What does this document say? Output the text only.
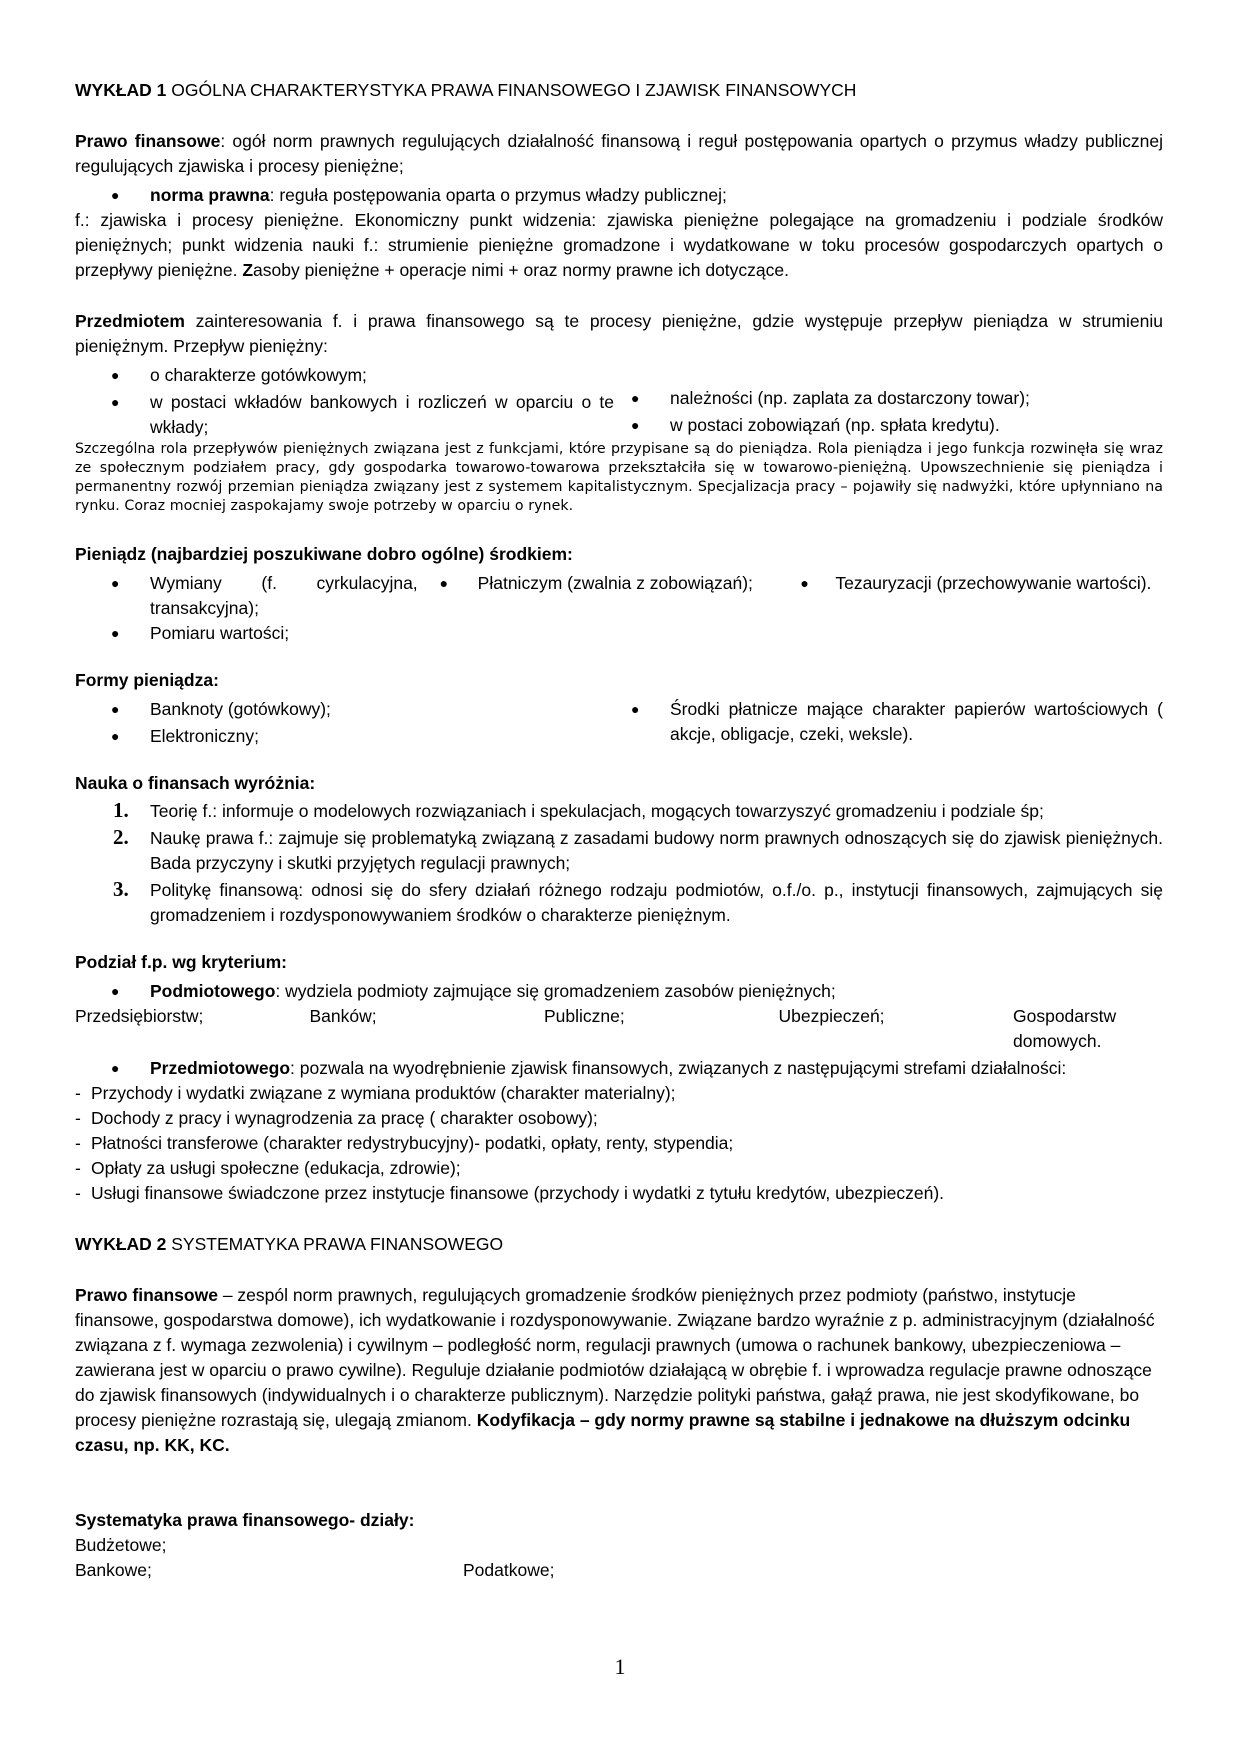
WYKŁAD 1 OGÓLNA CHARAKTERYSTYKA PRAWA FINANSOWEGO I ZJAWISK FINANSOWYCH

Prawo finansowe: ogół norm prawnych regulujących działalność finansową i reguł postępowania opartych o przymus władzy publicznej regulujących zjawiska i procesy pieniężne;

● norma prawna: reguła postępowania oparta o przymus władzy publicznej;

f.: zjawiska i procesy pieniężne. Ekonomiczny punkt widzenia: zjawiska pieniężne polegające na gromadzeniu i podziale środków pieniężnych; punkt widzenia nauki f.: strumienie pieniężne gromadzone i wydatkowane w toku procesów gospodarczych opartych o przepływy pieniężne. Zasoby pieniężne + operacje nimi + oraz normy prawne ich dotyczące.

Przedmiotem zainteresowania f. i prawa finansowego są te procesy pieniężne, gdzie występuje przepływ pieniądza w strumieniu pieniężnym. Przepływ pieniężny:

● o charakterze gotówkowym;
● w postaci wkładów bankowych i rozliczeń w oparciu o te wkłady;
● należności (np. zaplata za dostarczony towar);
● w postaci zobowiązań (np. spłata kredytu).

Szczególna rola przepływów pieniężnych związana jest z funkcjami, które przypisane są do pieniądza. Rola pieniądza i jego funkcja rozwinęła się wraz ze społecznym podziałem pracy, gdy gospodarka towarowo-towarowa przekształciła się w towarowo-pieniężną. Upowszechnienie się pieniądza i permanentny rozwój przemian pieniądza związany jest z systemem kapitalistycznym. Specjalizacja pracy – pojawiły się nadwyżki, które upłynniano na rynku. Coraz mocniej zaspokajamy swoje potrzeby w oparciu o rynek.

Pieniądz (najbardziej poszukiwane dobro ogólne) środkiem:

● Wymiany (f. cyrkulacyjna, transakcyjna);
● Pomiaru wartości;
● Płatniczym (zwalnia z zobowiązań);
●	Tezauryzacji (przechowywanie wartości).

Formy pieniądza:

● Banknoty (gotówkowy);
● Elektroniczny;
● Środki płatnicze mające charakter papierów wartościowych ( akcje, obligacje, czeki, weksle).

Nauka o finansach wyróżnia:

1. Teorię f.: informuje o modelowych rozwiązaniach i spekulacjach, mogących towarzyszyć gromadzeniu i podziale śp;
2. Naukę prawa f.: zajmuje się problematyką związaną z zasadami budowy norm prawnych odnoszących się do zjawisk pieniężnych. Bada przyczyny i skutki przyjętych regulacji prawnych;
3. Politykę finansową: odnosi się do sfery działań różnego rodzaju podmiotów, o.f./o. p., instytucji finansowych, zajmujących się gromadzeniem i rozdysponowywaniem środków o charakterze pieniężnym.

Podział f.p. wg kryterium:

● Podmiotowego: wydziela podmioty zajmujące się gromadzeniem zasobów pieniężnych;
Przedsiębiorstw;	Banków;	Publiczne;	Ubezpieczeń;	Gospodarstw domowych.
● Przedmiotowego: pozwala na wyodrębnienie zjawisk finansowych, związanych z następującymi strefami działalności:
- Przychody i wydatki związane z wymiana produktów (charakter materialny);
- Dochody z pracy i wynagrodzenia za pracę ( charakter osobowy);
- Płatności transferowe (charakter redystrybucyjny)- podatki, opłaty, renty, stypendia;
- Opłaty za usługi społeczne (edukacja, zdrowie);
- Usługi finansowe świadczone przez instytucje finansowe (przychody i wydatki z tytułu kredytów, ubezpieczeń).

WYKŁAD 2 SYSTEMATYKA PRAWA FINANSOWEGO

Prawo finansowe – zespól norm prawnych, regulujących gromadzenie środków pieniężnych przez podmioty (państwo, instytucje finansowe, gospodarstwa domowe), ich wydatkowanie i rozdysponowywanie. Związane bardzo wyraźnie z p. administracyjnym (działalność związana z f. wymaga zezwolenia) i cywilnym – podległość norm, regulacji prawnych (umowa o rachunek bankowy, ubezpieczeniowa – zawierana jest w oparciu o prawo cywilne). Reguluje działanie podmiotów działającą w obrębie f. i wprowadza regulacje prawne odnoszące do zjawisk finansowych (indywidualnych i o charakterze publicznym). Narzędzie polityki państwa, gałąź prawa, nie jest skodyfikowane, bo procesy pieniężne rozrastają się, ulegają zmianom. Kodyfikacja – gdy normy prawne są stabilne i jednakowe na dłuższym odcinku czasu, np. KK, KC.

Systematyka prawa finansowego- działy:

Budżetowe;
Bankowe;	Podatkowe;
1
